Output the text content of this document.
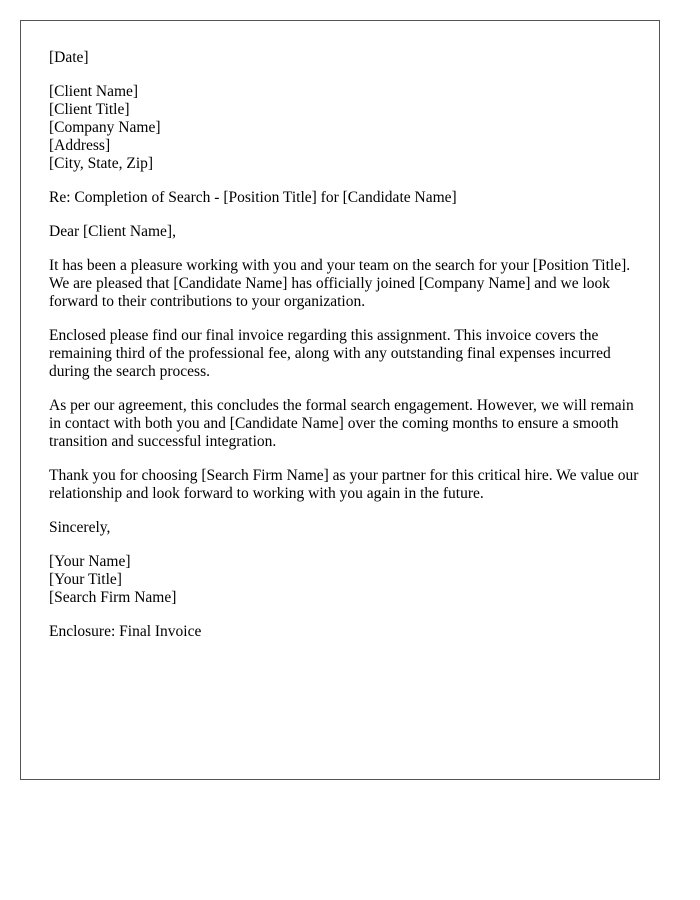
[Date]
[Client Name]
[Client Title]
[Company Name]
[Address]
[City, State, Zip]
Re: Completion of Search - [Position Title] for [Candidate Name]
Dear [Client Name],

It has been a pleasure working with you and your team on the search for your [Position Title]. We are pleased that [Candidate Name] has officially joined [Company Name] and we look forward to their contributions to your organization.

Enclosed please find our final invoice regarding this assignment. This invoice covers the remaining third of the professional fee, along with any outstanding final expenses incurred during the search process.

As per our agreement, this concludes the formal search engagement. However, we will remain in contact with both you and [Candidate Name] over the coming months to ensure a smooth transition and successful integration.

Thank you for choosing [Search Firm Name] as your partner for this critical hire. We value our relationship and look forward to working with you again in the future.

Sincerely,
[Your Name]
[Your Title]
[Search Firm Name]
Enclosure: Final Invoice
